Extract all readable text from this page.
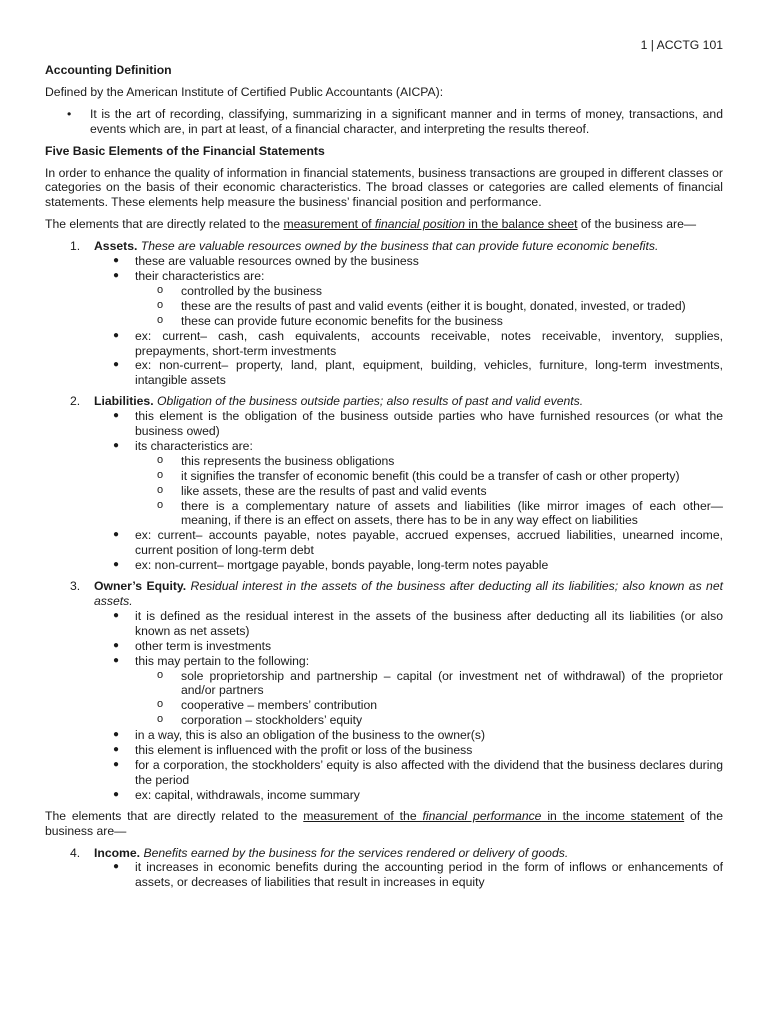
1 | ACCTG 101
Accounting Definition

Defined by the American Institute of Certified Public Accountants (AICPA):

• It is the art of recording, classifying, summarizing in a significant manner and in terms of money, transactions, and events which are, in part at least, of a financial character, and interpreting the results thereof.
Five Basic Elements of the Financial Statements

In order to enhance the quality of information in financial statements, business transactions are grouped in different classes or categories on the basis of their economic characteristics. The broad classes or categories are called elements of financial statements. These elements help measure the business’ financial position and performance.

The elements that are directly related to the measurement of financial position in the balance sheet of the business are—

1. Assets. These are valuable resources owned by the business that can provide future economic benefits.
● these are valuable resources owned by the business
● their characteristics are:
o controlled by the business
o these are the results of past and valid events (either it is bought, donated, invested, or traded)
o these can provide future economic benefits for the business
● ex: current– cash, cash equivalents, accounts receivable, notes receivable, inventory, supplies, prepayments, short-term investments
● ex: non-current– property, land, plant, equipment, building, vehicles, furniture, long-term investments, intangible assets
2. Liabilities. Obligation of the business outside parties; also results of past and valid events.
● this element is the obligation of the business outside parties who have furnished resources (or what the business owed)
● its characteristics are:
o this represents the business obligations
o it signifies the transfer of economic benefit (this could be a transfer of cash or other property)
o like assets, these are the results of past and valid events
o there is a complementary nature of assets and liabilities (like mirror images of each other— meaning, if there is an effect on assets, there has to be in any way effect on liabilities
● ex: current– accounts payable, notes payable, accrued expenses, accrued liabilities, unearned income, current position of long-term debt
● ex: non-current– mortgage payable, bonds payable, long-term notes payable
3. Owner’s Equity. Residual interest in the assets of the business after deducting all its liabilities; also known as net assets.
● it is defined as the residual interest in the assets of the business after deducting all its liabilities (or also known as net assets)
● other term is investments
● this may pertain to the following:
o sole proprietorship and partnership – capital (or investment net of withdrawal) of the proprietor and/or partners
o cooperative – members’ contribution
o corporation – stockholders’ equity
● in a way, this is also an obligation of the business to the owner(s)
● this element is influenced with the profit or loss of the business
● for a corporation, the stockholders’ equity is also affected with the dividend that the business declares during the period
● ex: capital, withdrawals, income summary

The elements that are directly related to the measurement of the financial performance in the income statement of the business are—

4. Income. Benefits earned by the business for the services rendered or delivery of goods.
● it increases in economic benefits during the accounting period in the form of inflows or enhancements of assets, or decreases of liabilities that result in increases in equity
